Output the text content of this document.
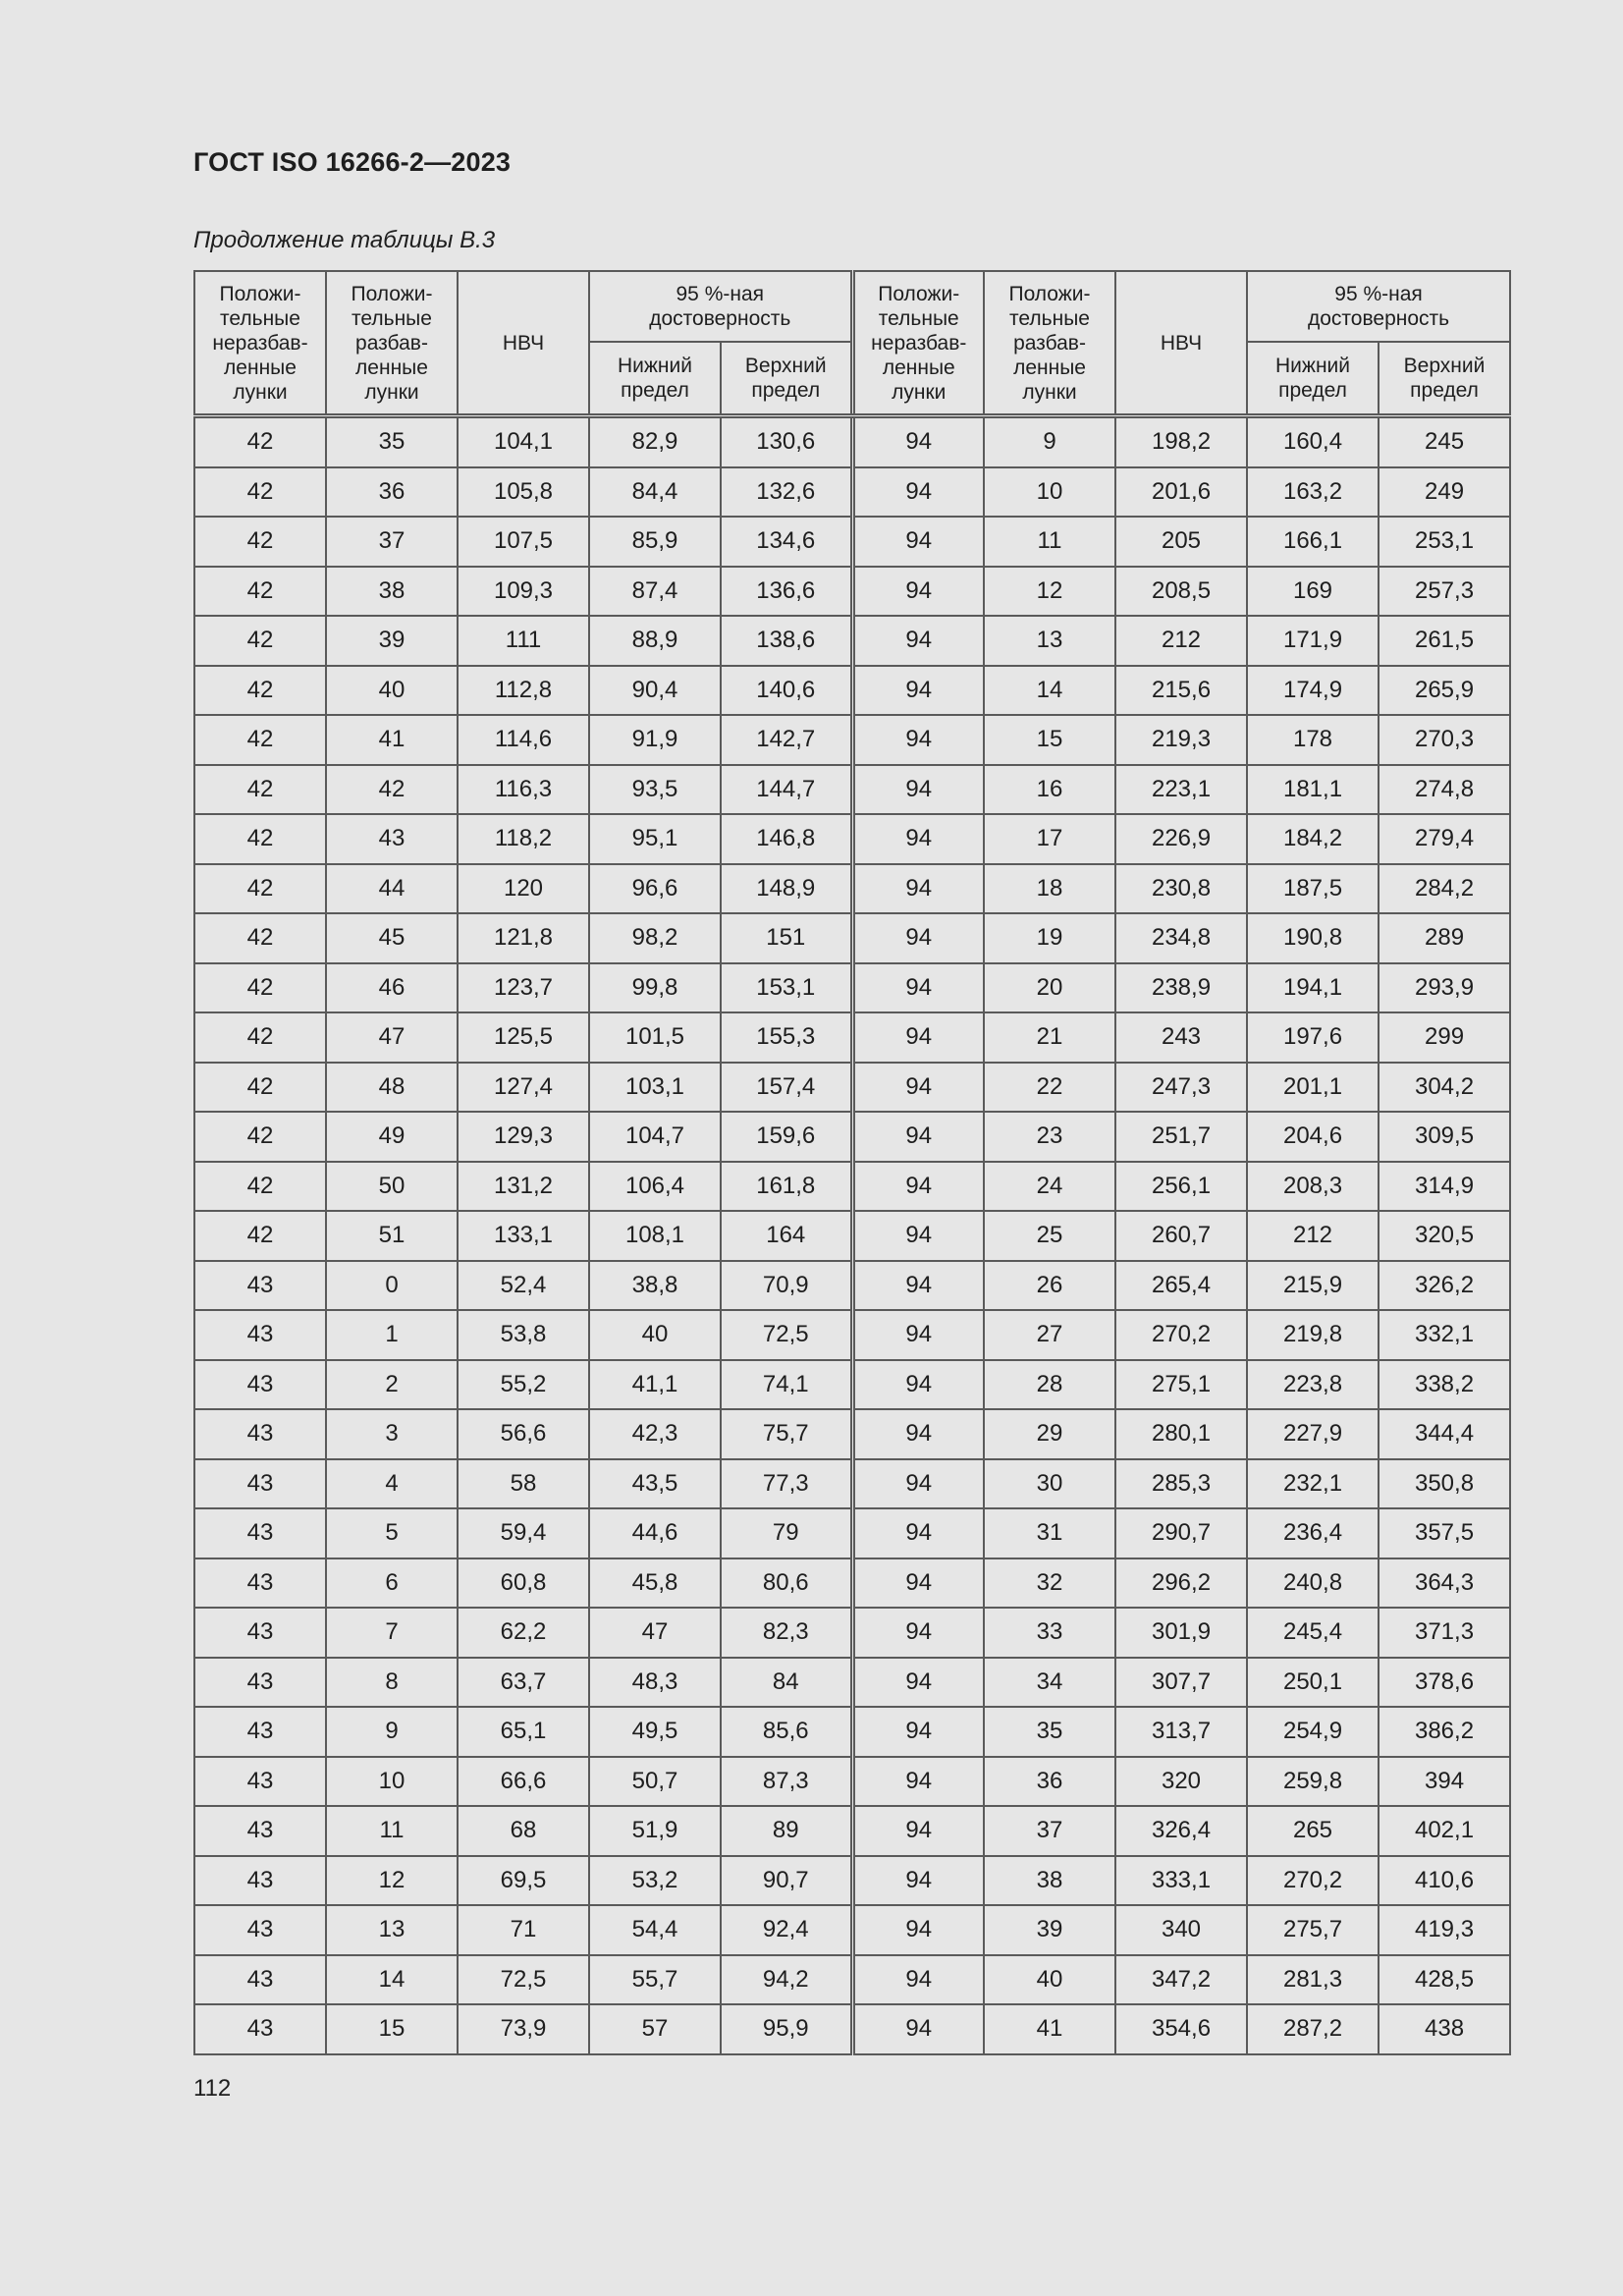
ГОСТ ISO 16266-2—2023
Продолжение таблицы В.3
Положи-
тельные
неразбав-
ленные
лунки	Положи-
тельные
разбав-
ленные
лунки	НВЧ	95 %-ная
достоверность		Положи-
тельные
неразбав-
ленные
лунки	Положи-
тельные
разбав-
ленные
лунки	НВЧ	95 %-ная
достоверность	
			Нижний
предел	Верхний
предел				Нижний
предел	Верхний
предел
42	35	104,1	82,9	130,6	94	9	198,2	160,4	245
42	36	105,8	84,4	132,6	94	10	201,6	163,2	249
42	37	107,5	85,9	134,6	94	11	205	166,1	253,1
42	38	109,3	87,4	136,6	94	12	208,5	169	257,3
42	39	111	88,9	138,6	94	13	212	171,9	261,5
42	40	112,8	90,4	140,6	94	14	215,6	174,9	265,9
42	41	114,6	91,9	142,7	94	15	219,3	178	270,3
42	42	116,3	93,5	144,7	94	16	223,1	181,1	274,8
42	43	118,2	95,1	146,8	94	17	226,9	184,2	279,4
42	44	120	96,6	148,9	94	18	230,8	187,5	284,2
42	45	121,8	98,2	151	94	19	234,8	190,8	289
42	46	123,7	99,8	153,1	94	20	238,9	194,1	293,9
42	47	125,5	101,5	155,3	94	21	243	197,6	299
42	48	127,4	103,1	157,4	94	22	247,3	201,1	304,2
42	49	129,3	104,7	159,6	94	23	251,7	204,6	309,5
42	50	131,2	106,4	161,8	94	24	256,1	208,3	314,9
42	51	133,1	108,1	164	94	25	260,7	212	320,5
43	0	52,4	38,8	70,9	94	26	265,4	215,9	326,2
43	1	53,8	40	72,5	94	27	270,2	219,8	332,1
43	2	55,2	41,1	74,1	94	28	275,1	223,8	338,2
43	3	56,6	42,3	75,7	94	29	280,1	227,9	344,4
43	4	58	43,5	77,3	94	30	285,3	232,1	350,8
43	5	59,4	44,6	79	94	31	290,7	236,4	357,5
43	6	60,8	45,8	80,6	94	32	296,2	240,8	364,3
43	7	62,2	47	82,3	94	33	301,9	245,4	371,3
43	8	63,7	48,3	84	94	34	307,7	250,1	378,6
43	9	65,1	49,5	85,6	94	35	313,7	254,9	386,2
43	10	66,6	50,7	87,3	94	36	320	259,8	394
43	11	68	51,9	89	94	37	326,4	265	402,1
43	12	69,5	53,2	90,7	94	38	333,1	270,2	410,6
43	13	71	54,4	92,4	94	39	340	275,7	419,3
43	14	72,5	55,7	94,2	94	40	347,2	281,3	428,5
43	15	73,9	57	95,9	94	41	354,6	287,2	438
112
